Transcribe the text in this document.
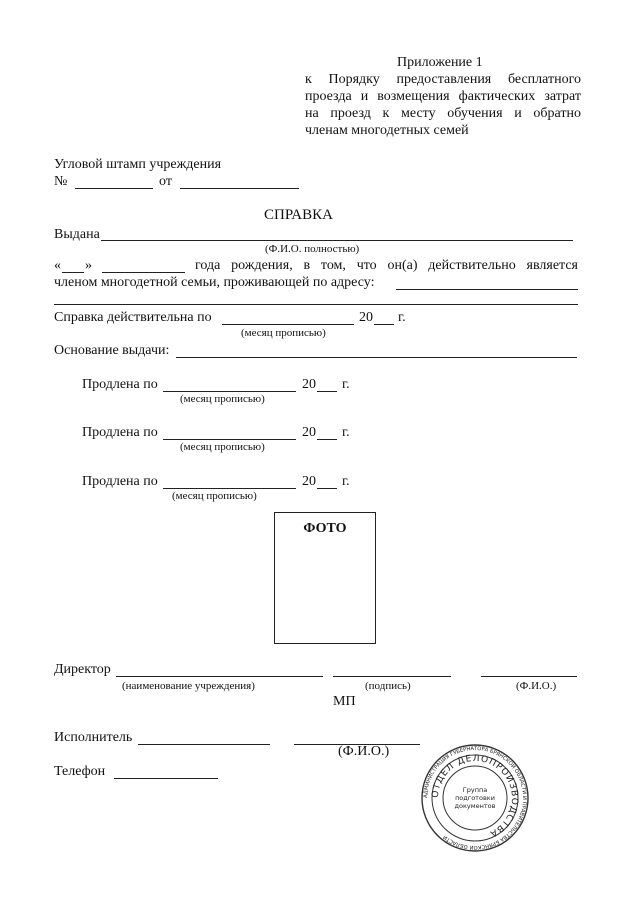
Приложение 1
к Порядку предоставления бесплатного
проезда и возмещения фактических затрат
на проезд к месту обучения и обратно
членам многодетных семей
Угловой штамп учреждения
№	от
СПРАВКА
Выдана
(Ф.И.О. полностью)
« »	года рождения, в том, что он(а) действительно является
членом многодетной семьи, проживающей по адресу:
Справка действительна по	20 г.
(месяц прописью)
Основание выдачи:
Продлена по	20 г.
(месяц прописью)
Продлена по	20 г.
(месяц прописью)
Продлена по	20 г.
(месяц прописью)
ФОТО
Директор
(наименование учреждения)	(подпись)	(Ф.И.О.)
МП
Исполнитель
(Ф.И.О.)
Телефон
АДМИНИСТРАЦИЯ ГУБЕРНАТОРА БРЯНСКОЙ ОБЛАСТИ И ПРАВИТЕЛЬСТВА БРЯНСКОЙ ОБЛАСТИ
ОТДЕЛ ДЕЛОПРОИЗВОДСТВА
Группа
подготовки
документов
